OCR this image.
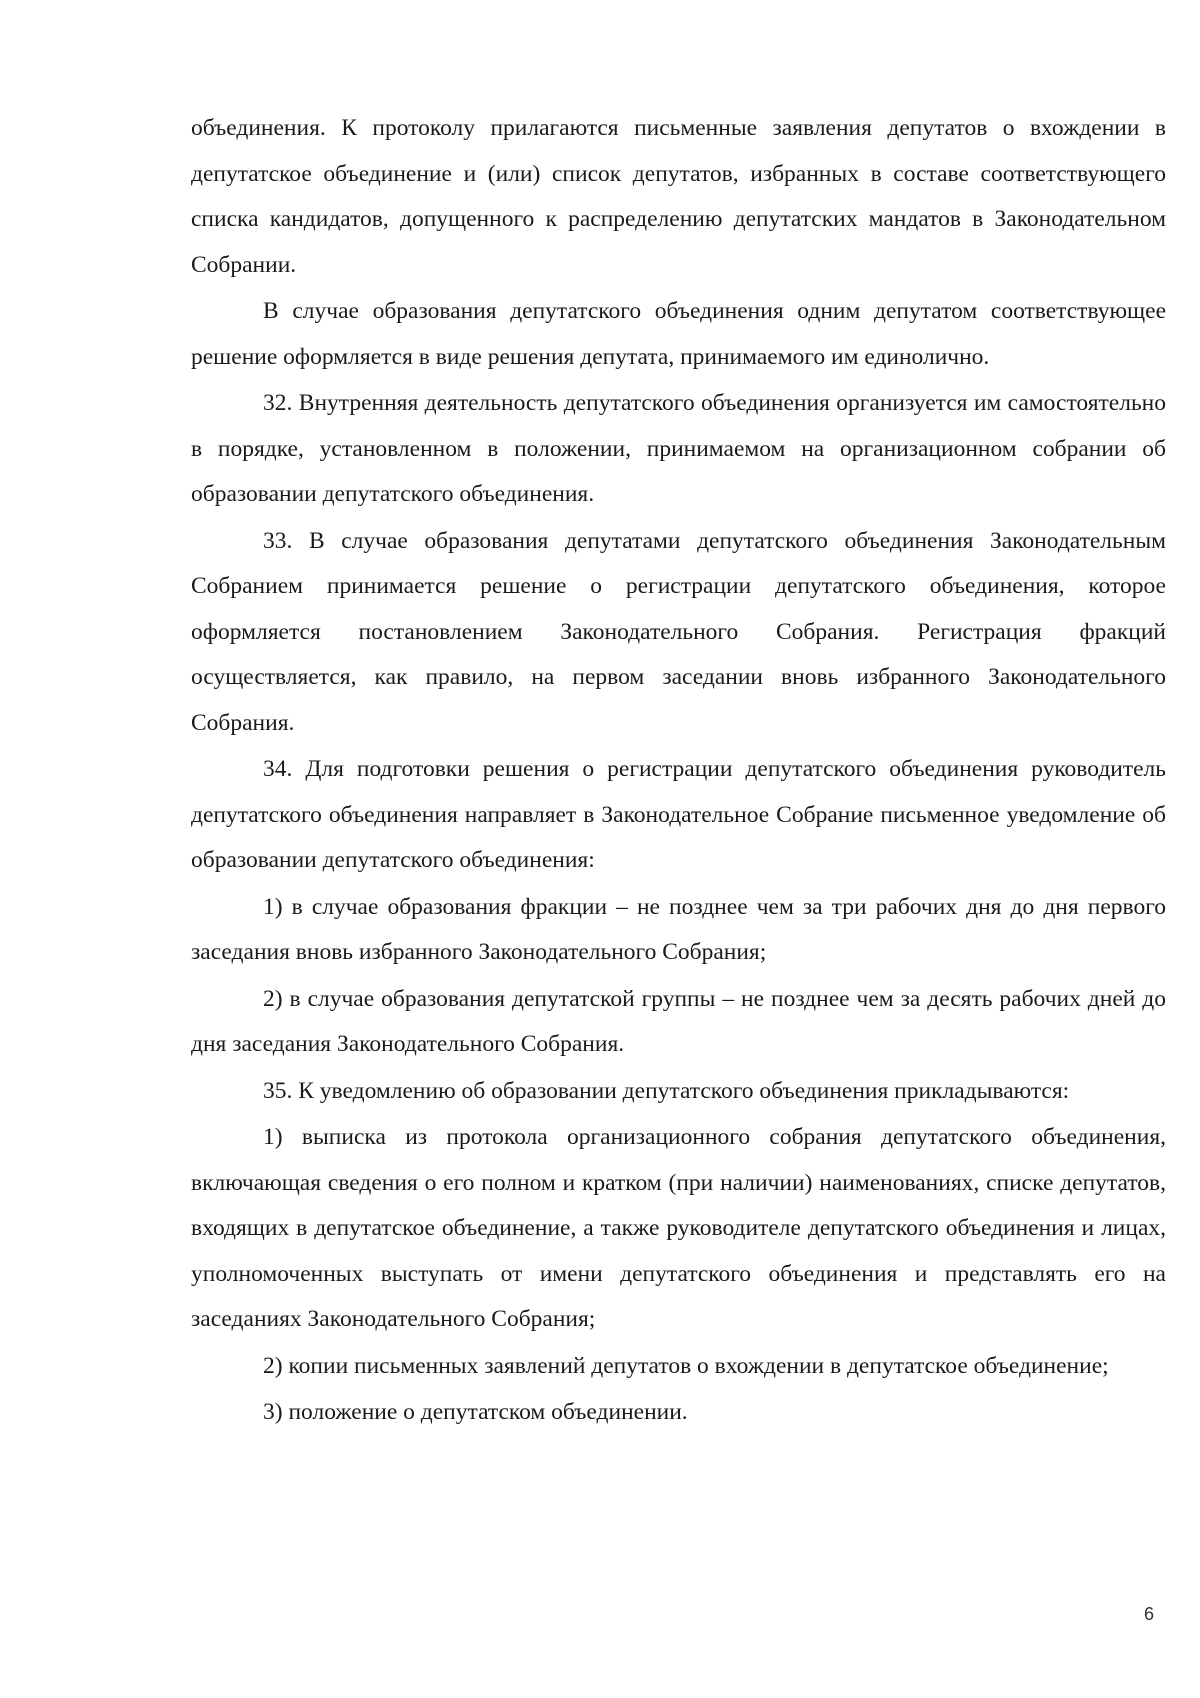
объединения. К протоколу прилагаются письменные заявления депутатов о вхождении в депутатское объединение и (или) список депутатов, избранных в составе соответствующего списка кандидатов, допущенного к распределению депутатских мандатов в Законодательном Собрании.

В случае образования депутатского объединения одним депутатом соответствующее решение оформляется в виде решения депутата, принимаемого им единолично.

32. Внутренняя деятельность депутатского объединения организуется им самостоятельно в порядке, установленном в положении, принимаемом на организационном собрании об образовании депутатского объединения.

33. В случае образования депутатами депутатского объединения Законодательным Собранием принимается решение о регистрации депутатского объединения, которое оформляется постановлением Законодательного Собрания. Регистрация фракций осуществляется, как правило, на первом заседании вновь избранного Законодательного Собрания.

34. Для подготовки решения о регистрации депутатского объединения руководитель депутатского объединения направляет в Законодательное Собрание письменное уведомление об образовании депутатского объединения:

1) в случае образования фракции – не позднее чем за три рабочих дня до дня первого заседания вновь избранного Законодательного Собрания;

2) в случае образования депутатской группы – не позднее чем за десять рабочих дней до дня заседания Законодательного Собрания.

35. К уведомлению об образовании депутатского объединения прикладываются:

1) выписка из протокола организационного собрания депутатского объединения, включающая сведения о его полном и кратком (при наличии) наименованиях, списке депутатов, входящих в депутатское объединение, а также руководителе депутатского объединения и лицах, уполномоченных выступать от имени депутатского объединения и представлять его на заседаниях Законодательного Собрания;

2) копии письменных заявлений депутатов о вхождении в депутатское объединение;

3) положение о депутатском объединении.

6
